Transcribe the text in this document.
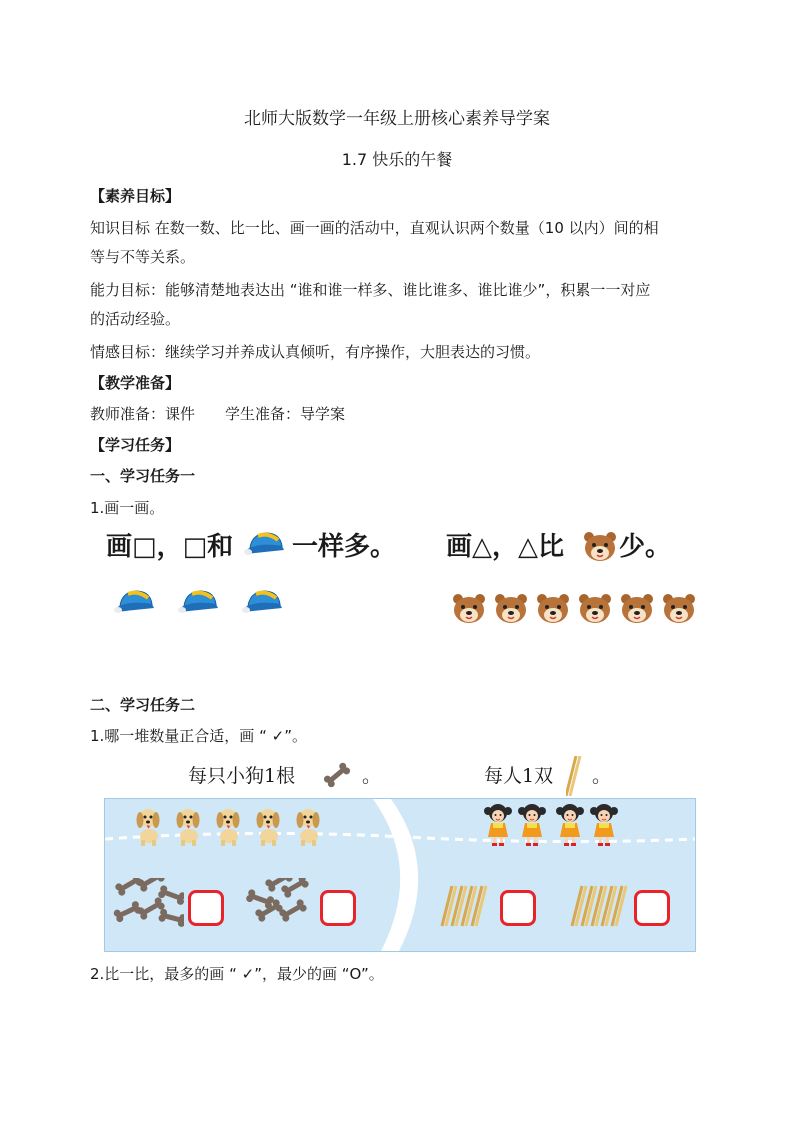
北师大版数学一年级上册核心素养导学案
1.7 快乐的午餐
【素养目标】
知识目标 在数一数、比一比、画一画的活动中，直观认识两个数量（10 以内）间的相
等与不等关系。
能力目标：能够清楚地表达出 “谁和谁一样多、谁比谁多、谁比谁少”，积累一一对应
的活动经验。
情感目标：继续学习并养成认真倾听，有序操作，大胆表达的习惯。
【教学准备】
教师准备：课件　　学生准备：导学案
【学习任务】
一、学习任务一
1.画一画。
画□，□和 一样多。 画△，△比 少。
二、学习任务二
1.哪一堆数量正合适，画 “ ✓”。
每只小狗1根	。	每人1双 。
2.比一比，最多的画 “ ✓”，最少的画 “O”。
